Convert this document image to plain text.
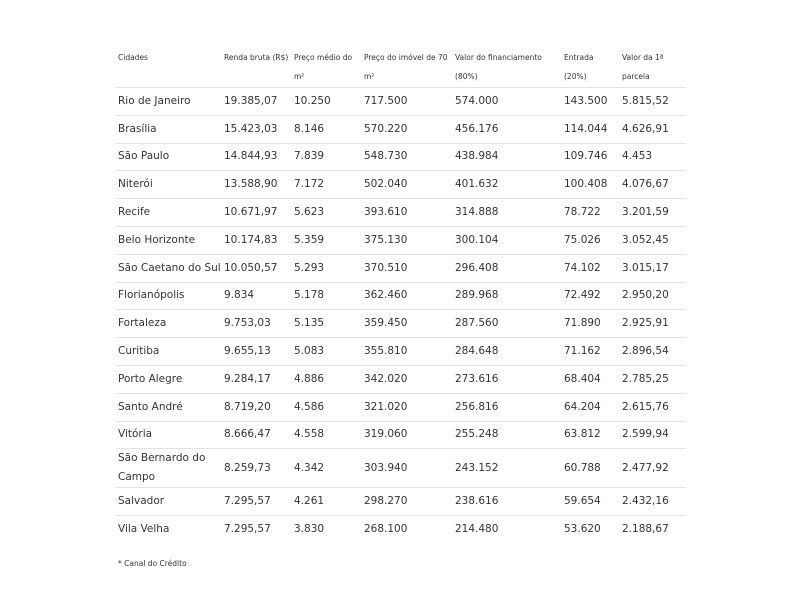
Cidades	Renda bruta (R$)	Preço médio do m²	Preço do imóvel de 70 m²	Valor do financiamento (80%)	Entrada (20%)	Valor da 1ª parcela
Rio de Janeiro	19.385,07	10.250	717.500	574.000	143.500	5.815,52
Brasília	15.423,03	8.146	570.220	456.176	114.044	4.626,91
São Paulo	14.844,93	7.839	548.730	438.984	109.746	4.453
Niterói	13.588,90	7.172	502.040	401.632	100.408	4.076,67
Recife	10.671,97	5.623	393.610	314.888	78.722	3.201,59
Belo Horizonte	10.174,83	5.359	375.130	300.104	75.026	3.052,45
São Caetano do Sul	10.050,57	5.293	370.510	296.408	74.102	3.015,17
Florianópolis	9.834	5.178	362.460	289.968	72.492	2.950,20
Fortaleza	9.753,03	5.135	359.450	287.560	71.890	2.925,91
Curitiba	9.655,13	5.083	355.810	284.648	71.162	2.896,54
Porto Alegre	9.284,17	4.886	342.020	273.616	68.404	2.785,25
Santo André	8.719,20	4.586	321.020	256.816	64.204	2.615,76
Vitória	8.666,47	4.558	319.060	255.248	63.812	2.599,94
São Bernardo do Campo	8.259,73	4.342	303.940	243.152	60.788	2.477,92
Salvador	7.295,57	4.261	298.270	238.616	59.654	2.432,16
Vila Velha	7.295,57	3.830	268.100	214.480	53.620	2.188,67
* Canal do Crédito
